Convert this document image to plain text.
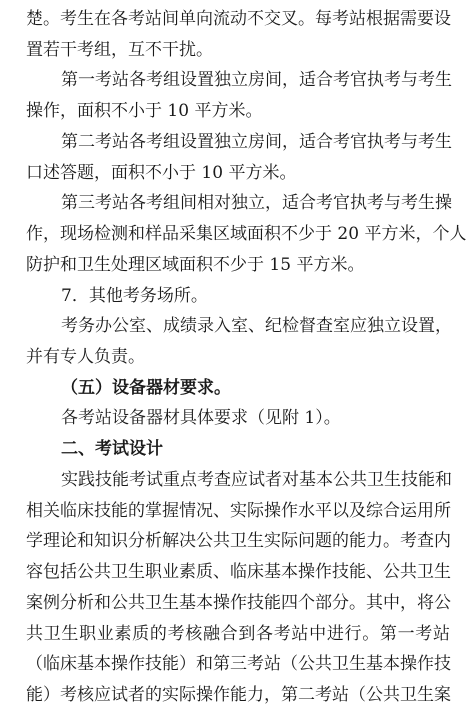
楚。考生在各考站间单向流动不交叉。每考站根据需要设
置若干考组，互不干扰。
第一考站各考组设置独立房间，适合考官执考与考生
操作，面积不小于 10 平方米。
第二考站各考组设置独立房间，适合考官执考与考生
口述答题，面积不小于 10 平方米。
第三考站各考组间相对独立，适合考官执考与考生操
作，现场检测和样品采集区域面积不少于 20 平方米，个人
防护和卫生处理区域面积不少于 15 平方米。
7．其他考务场所。
考务办公室、成绩录入室、纪检督查室应独立设置，
并有专人负责。
（五）设备器材要求。
各考站设备器材具体要求（见附 1）。
二、考试设计
实践技能考试重点考查应试者对基本公共卫生技能和
相关临床技能的掌握情况、实际操作水平以及综合运用所
学理论和知识分析解决公共卫生实际问题的能力。考查内
容包括公共卫生职业素质、临床基本操作技能、公共卫生
案例分析和公共卫生基本操作技能四个部分。其中，将公
共卫生职业素质的考核融合到各考站中进行。第一考站
（临床基本操作技能）和第三考站（公共卫生基本操作技
能）考核应试者的实际操作能力，第二考站（公共卫生案
